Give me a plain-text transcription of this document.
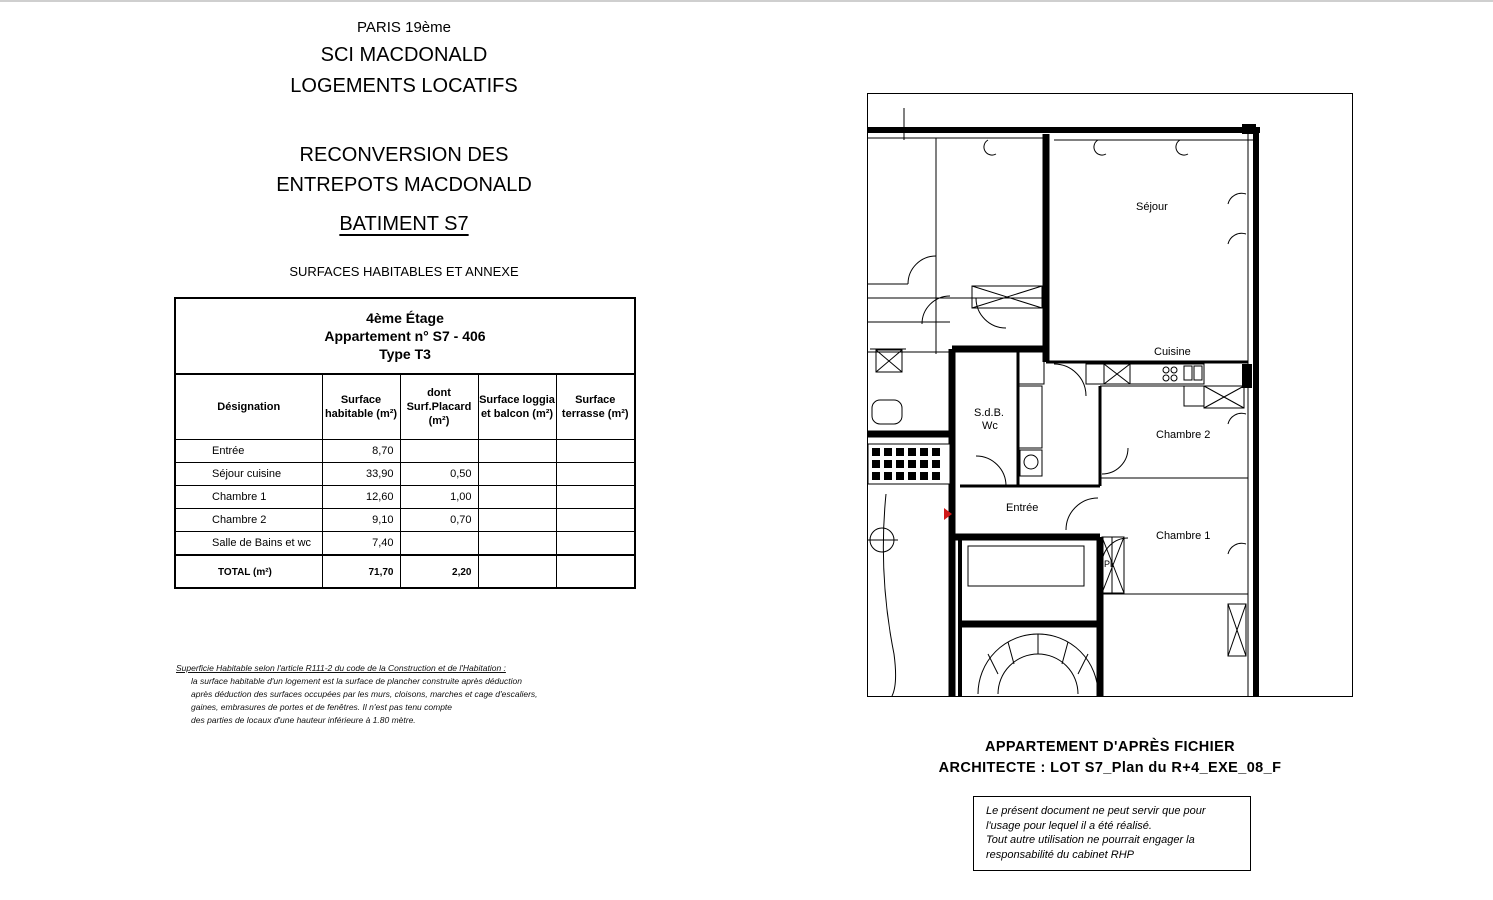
PARIS 19ème
SCI MACDONALD
LOGEMENTS LOCATIFS
RECONVERSION DES
ENTREPOTS MACDONALD
BATIMENT S7
SURFACES HABITABLES ET ANNEXE
4ème Étage
Appartement n° S7 - 406
Type T3
Désignation	Surface habitable (m²)	dont Surf.Placard (m²)	Surface loggia et balcon (m²)	Surface terrasse (m²)
Entrée	8,70			
Séjour cuisine	33,90	0,50		
Chambre 1	12,60	1,00		
Chambre 2	9,10	0,70		
Salle de Bains et wc	7,40			
TOTAL (m²)	71,70	2,20		
Superficie Habitable selon l'article R111-2 du code de la Construction et de l'Habitation :
la surface habitable d'un logement est la surface de plancher construite après déduction
après déduction des surfaces occupées par les murs, cloisons, marches et cage d'escaliers,
gaines, embrasures de portes et de fenêtres. Il n'est pas tenu compte
des parties de locaux d'une hauteur inférieure à 1.80 mètre.
Séjour
Cuisine
S.d.B.
Wc
Chambre 2
Entrée
Chambre 1
Pl.
APPARTEMENT D'APRÈS FICHIER
ARCHITECTE : LOT S7_Plan du R+4_EXE_08_F
Le présent document ne peut servir que pour
l'usage pour lequel il a été réalisé.
Tout autre utilisation ne pourrait engager la
responsabilité du cabinet RHP
